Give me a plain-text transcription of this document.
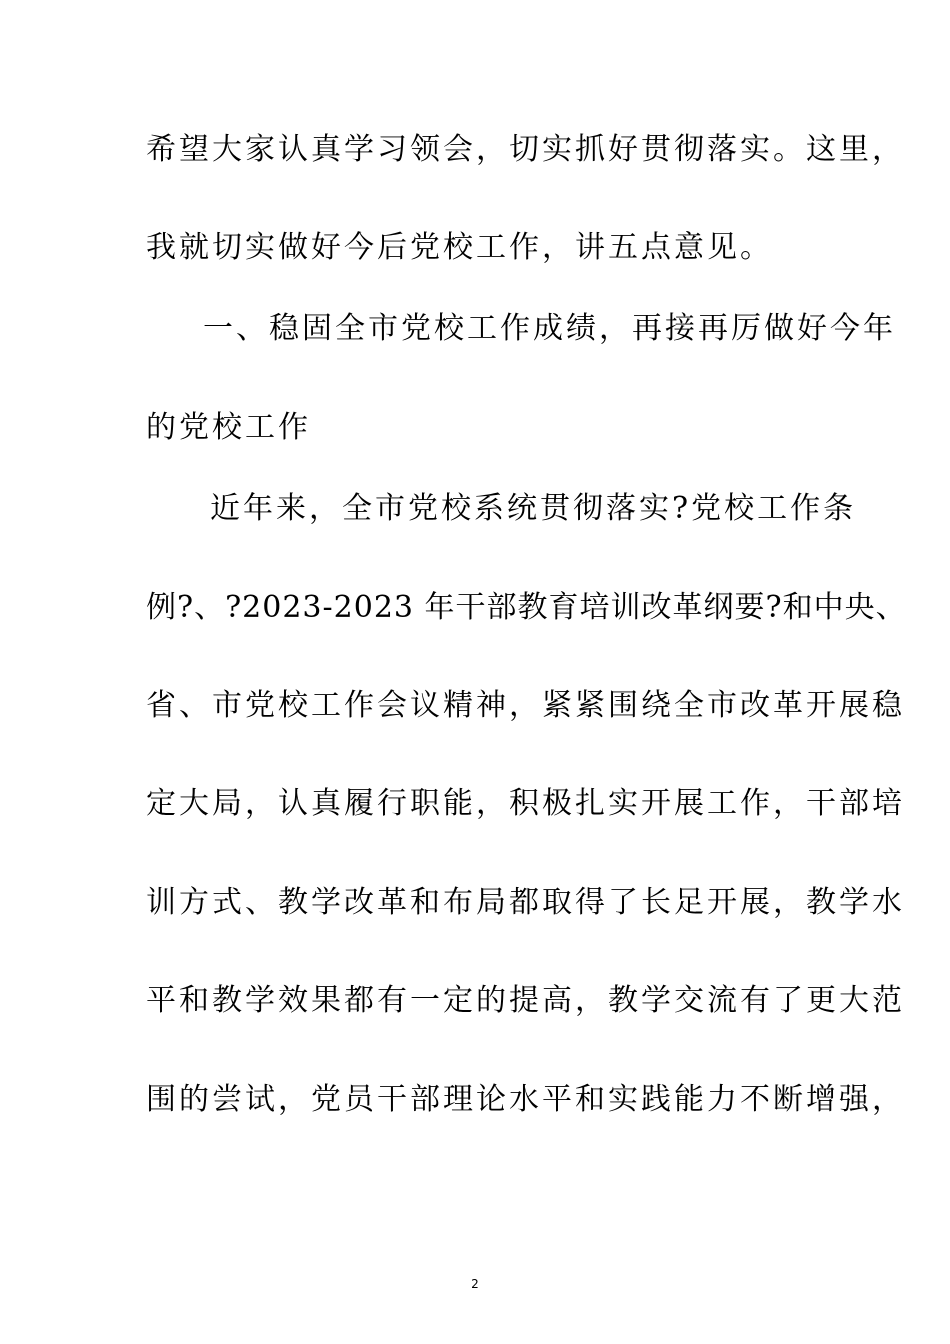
希望大家认真学习领会，切实抓好贯彻落实。这里，
我就切实做好今后党校工作，讲五点意见。
一、稳固全市党校工作成绩，再接再厉做好今年
的党校工作
近年来，全市党校系统贯彻落实?党校工作条
例?、?2023-2023 年干部教育培训改革纲要?和中央、
省、市党校工作会议精神，紧紧围绕全市改革开展稳
定大局，认真履行职能，积极扎实开展工作，干部培
训方式、教学改革和布局都取得了长足开展，教学水
平和教学效果都有一定的提高，教学交流有了更大范
围的尝试，党员干部理论水平和实践能力不断增强，
2
